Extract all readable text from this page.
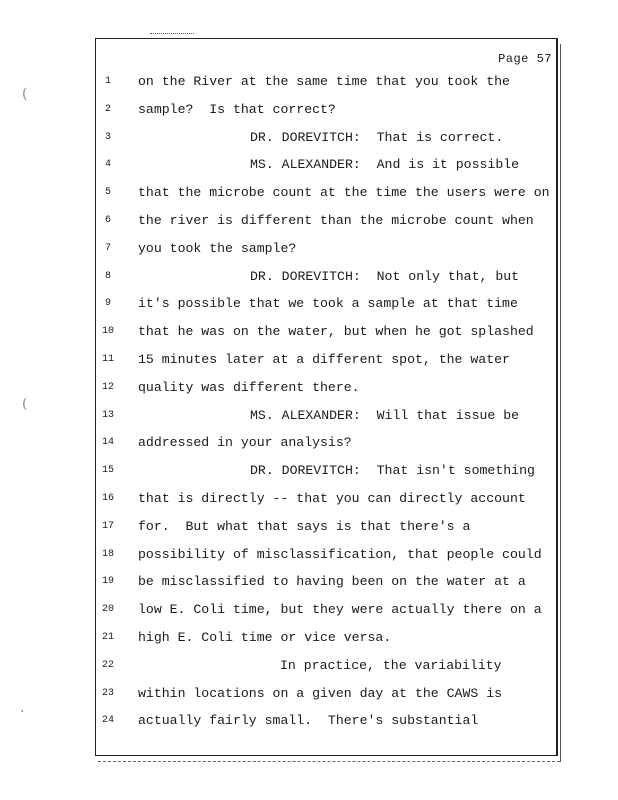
(
(
·
Page 57
1	on the River at the same time that you took the
2	sample?  Is that correct?
3	DR. DOREVITCH:  That is correct.
4	MS. ALEXANDER:  And is it possible
5	that the microbe count at the time the users were on
6	the river is different than the microbe count when
7	you took the sample?
8	DR. DOREVITCH:  Not only that, but
9	it's possible that we took a sample at that time
10	that he was on the water, but when he got splashed
11	15 minutes later at a different spot, the water
12	quality was different there.
13	MS. ALEXANDER:  Will that issue be
14	addressed in your analysis?
15	DR. DOREVITCH:  That isn't something
16	that is directly -- that you can directly account
17	for.  But what that says is that there's a
18	possibility of misclassification, that people could
19	be misclassified to having been on the water at a
20	low E. Coli time, but they were actually there on a
21	high E. Coli time or vice versa.
22	In practice, the variability
23	within locations on a given day at the CAWS is
24	actually fairly small.  There's substantial
